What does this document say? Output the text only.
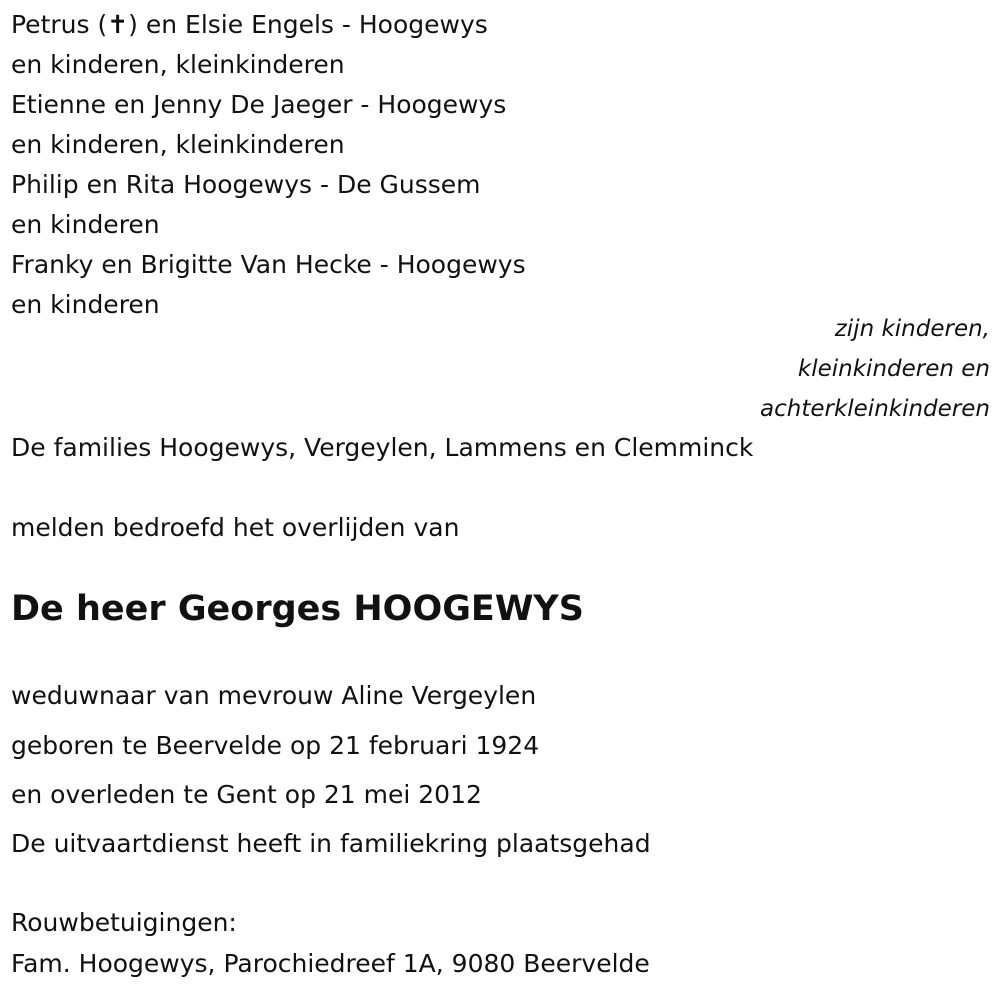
Petrus (✝) en Elsie Engels - Hoogewys
en kinderen, kleinkinderen
Etienne en Jenny De Jaeger - Hoogewys
en kinderen, kleinkinderen
Philip en Rita Hoogewys - De Gussem
en kinderen
Franky en Brigitte Van Hecke - Hoogewys
en kinderen
zijn kinderen,
kleinkinderen en
achterkleinkinderen
De families Hoogewys, Vergeylen, Lammens en Clemminck
melden bedroefd het overlijden van
De heer Georges HOOGEWYS
weduwnaar van mevrouw Aline Vergeylen
geboren te Beervelde op 21 februari 1924
en overleden te Gent op 21 mei 2012
De uitvaartdienst heeft in familiekring plaatsgehad
Rouwbetuigingen:
Fam. Hoogewys, Parochiedreef 1A, 9080 Beervelde
